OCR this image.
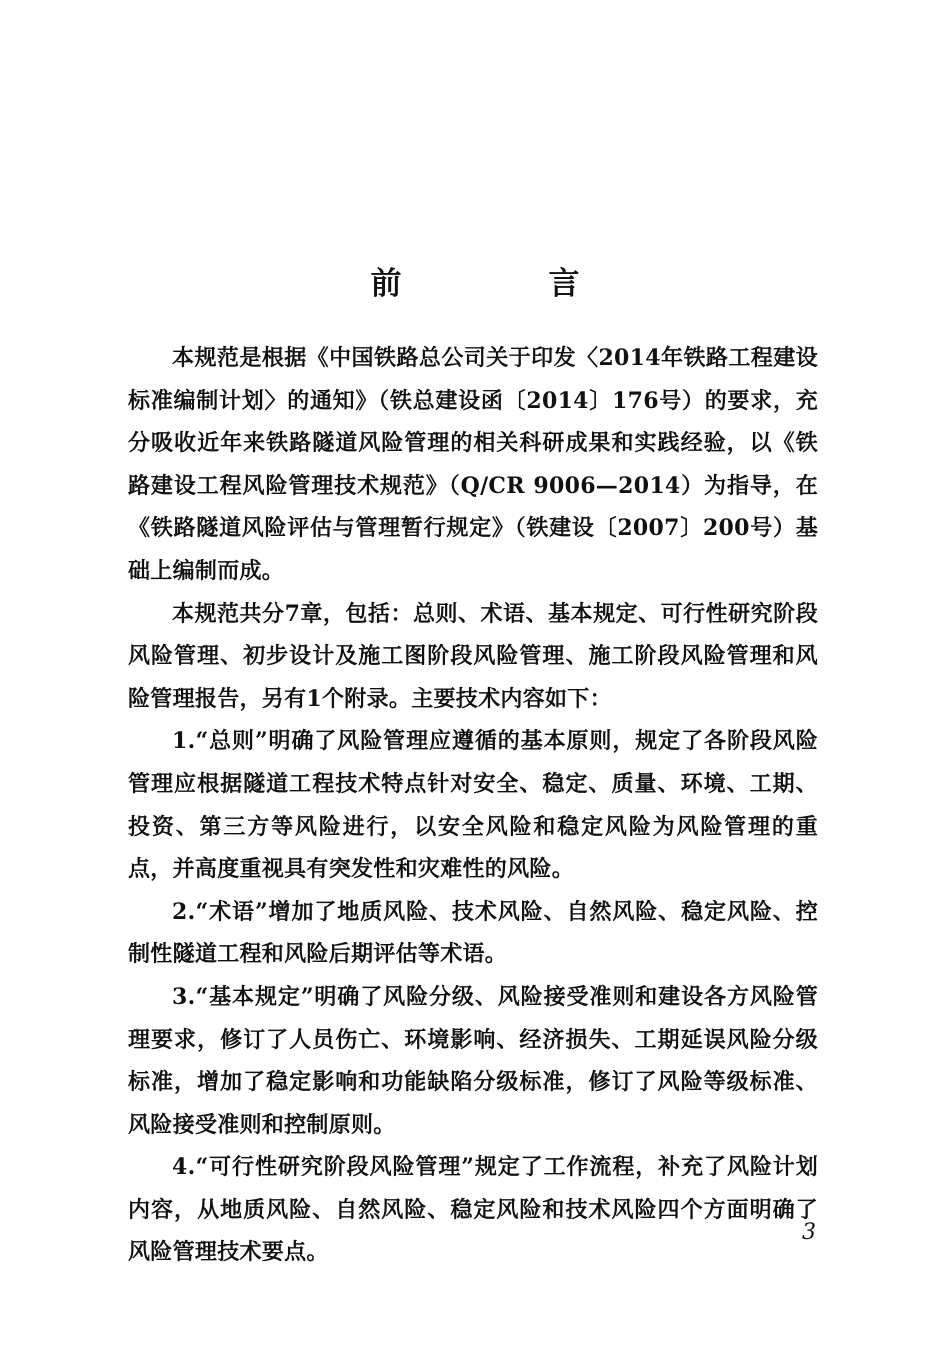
前　言

本规范是根据《中国铁路总公司关于印发〈2014年铁路工程建设标准编制计划〉的通知》（铁总建设函〔2014〕176号）的要求，充分吸收近年来铁路隧道风险管理的相关科研成果和实践经验，以《铁路建设工程风险管理技术规范》（Q/CR 9006—2014）为指导，在《铁路隧道风险评估与管理暂行规定》（铁建设〔2007〕200号）基础上编制而成。

本规范共分7章，包括：总则、术语、基本规定、可行性研究阶段风险管理、初步设计及施工图阶段风险管理、施工阶段风险管理和风险管理报告，另有1个附录。主要技术内容如下：

1.“总则”明确了风险管理应遵循的基本原则，规定了各阶段风险管理应根据隧道工程技术特点针对安全、稳定、质量、环境、工期、投资、第三方等风险进行，以安全风险和稳定风险为风险管理的重点，并高度重视具有突发性和灾难性的风险。

2.“术语”增加了地质风险、技术风险、自然风险、稳定风险、控制性隧道工程和风险后期评估等术语。

3.“基本规定”明确了风险分级、风险接受准则和建设各方风险管理要求，修订了人员伤亡、环境影响、经济损失、工期延误风险分级标准，增加了稳定影响和功能缺陷分级标准，修订了风险等级标准、风险接受准则和控制原则。

4.“可行性研究阶段风险管理”规定了工作流程，补充了风险计划内容，从地质风险、自然风险、稳定风险和技术风险四个方面明确了风险管理技术要点。

3
